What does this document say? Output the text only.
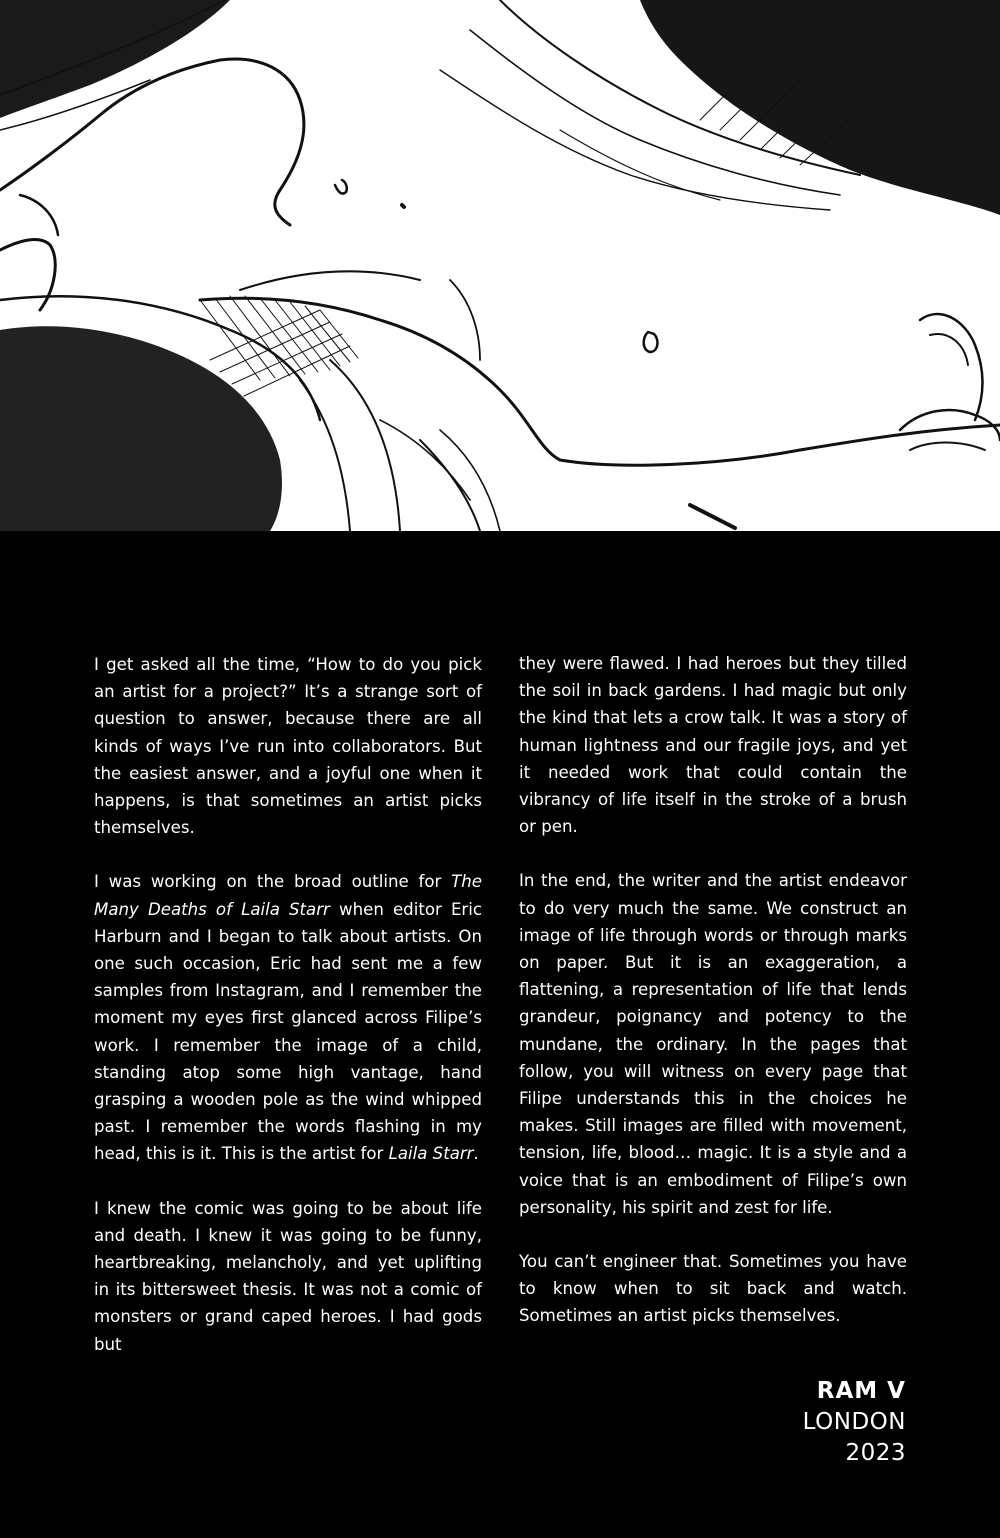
I get asked all the time, “How to do you pick an artist for a project?” It’s a strange sort of question to answer, because there are all kinds of ways I’ve run into collaborators. But the easiest answer, and a joyful one when it happens, is that sometimes an artist picks themselves.

I was working on the broad outline for The Many Deaths of Laila Starr when editor Eric Harburn and I began to talk about artists. On one such occasion, Eric had sent me a few samples from Instagram, and I remember the moment my eyes first glanced across Filipe’s work. I remember the image of a child, standing atop some high vantage, hand grasping a wooden pole as the wind whipped past. I remember the words flashing in my head, this is it. This is the artist for Laila Starr.

I knew the comic was going to be about life and death. I knew it was going to be funny, heartbreaking, melancholy, and yet uplifting in its bittersweet thesis. It was not a comic of monsters or grand caped heroes. I had gods but

they were flawed. I had heroes but they tilled the soil in back gardens. I had magic but only the kind that lets a crow talk. It was a story of human lightness and our fragile joys, and yet it needed work that could contain the vibrancy of life itself in the stroke of a brush or pen.

In the end, the writer and the artist endeavor to do very much the same. We construct an image of life through words or through marks on paper. But it is an exaggeration, a flattening, a representation of life that lends grandeur, poignancy and potency to the mundane, the ordinary. In the pages that follow, you will witness on every page that Filipe understands this in the choices he makes. Still images are filled with movement, tension, life, blood… magic. It is a style and a voice that is an embodiment of Filipe’s own personality, his spirit and zest for life.

You can’t engineer that. Sometimes you have to know when to sit back and watch. Sometimes an artist picks themselves.

RAM V
LONDON
2023
